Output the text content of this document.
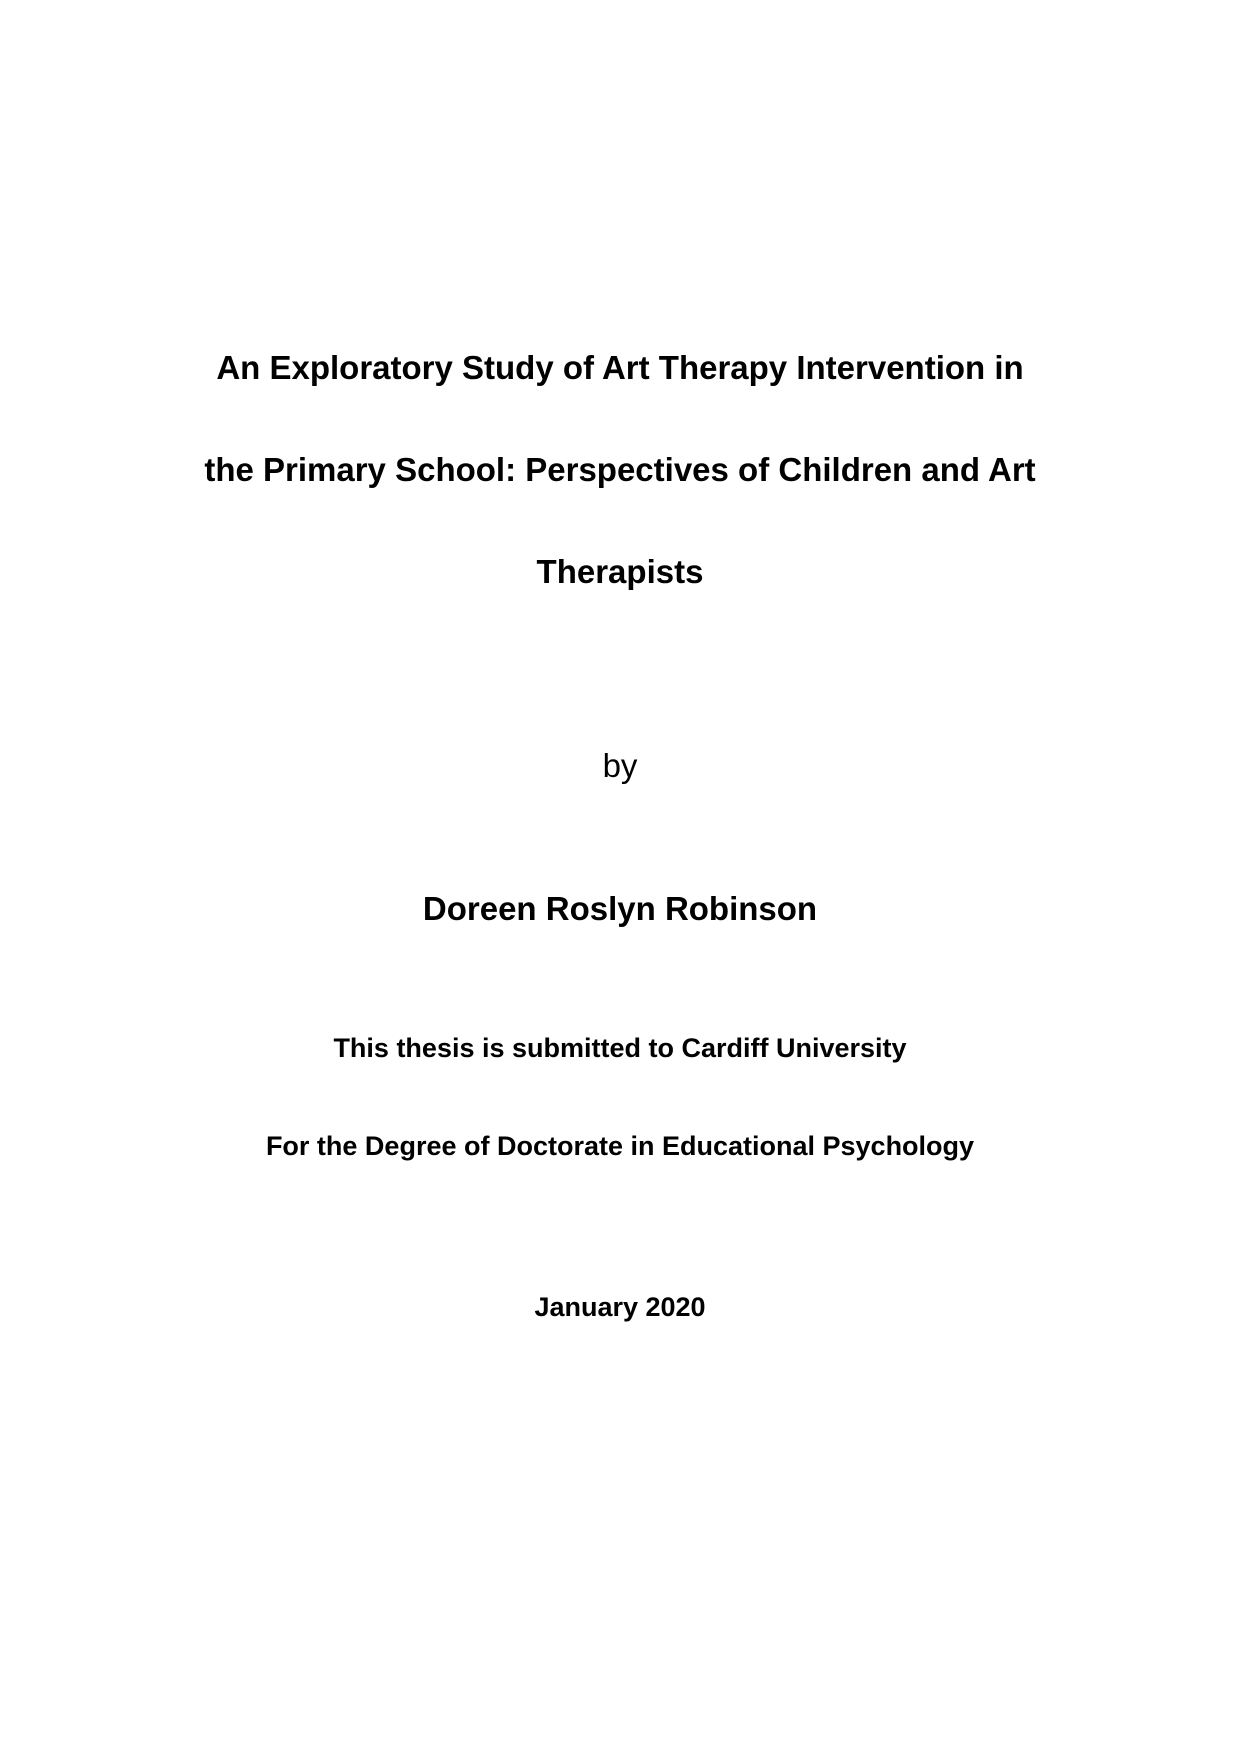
An Exploratory Study of Art Therapy Intervention in
the Primary School: Perspectives of Children and Art
Therapists
by
Doreen Roslyn Robinson
This thesis is submitted to Cardiff University
For the Degree of Doctorate in Educational Psychology
January 2020
